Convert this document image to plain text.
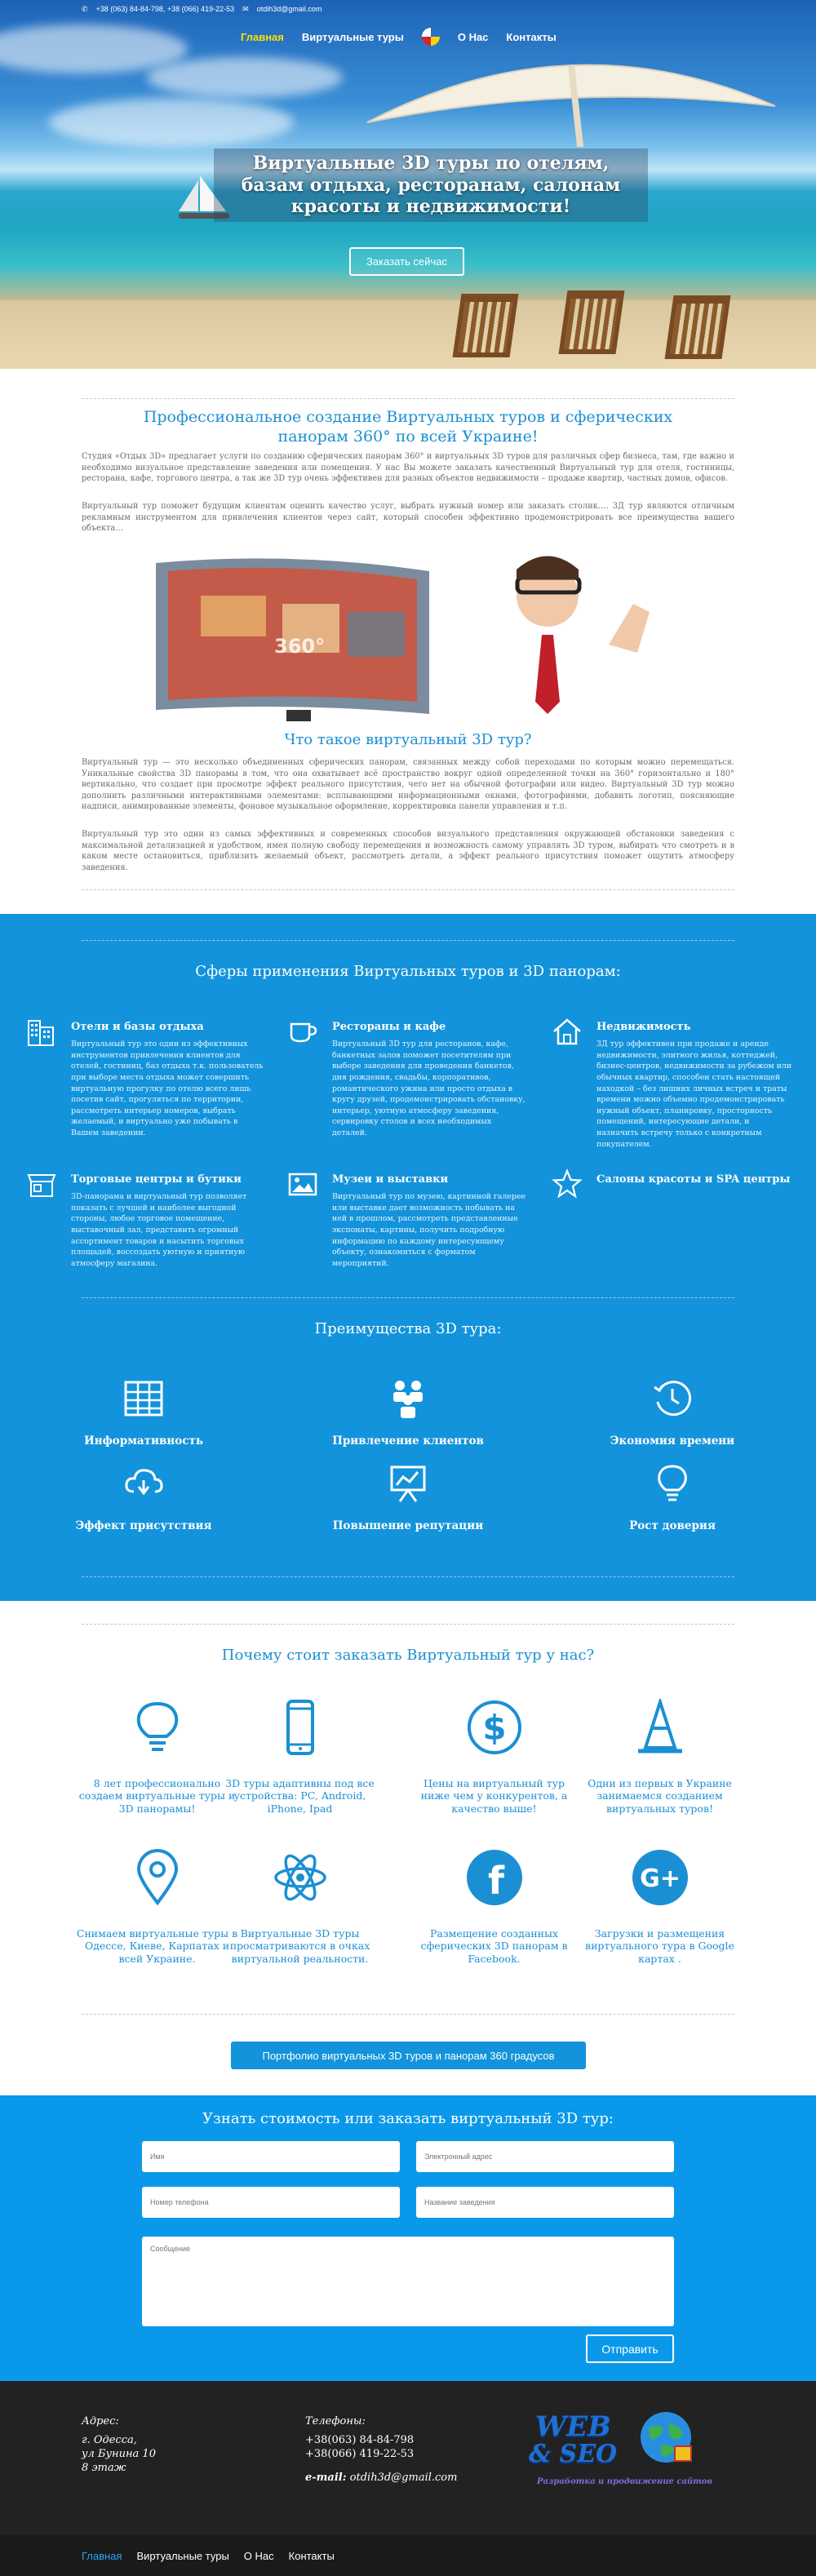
Виртуальные 3D туры по отелям, базам отдыха, ресторанам, салонам красоты и недвижимости!
Заказать сейчас
✆ +38 (063) 84-84-798, +38 (066) 419-22-53 ✉ otdih3d@gmail.com
Главная Виртуальные туры	О Нас Контакты
Профессиональное создание Виртуальных туров и сферических панорам 360° по всей Украине!

Студия «Отдых 3D» предлагает услуги по созданию сферических панорам 360° и виртуальных 3D туров для различных сфер бизнеса, там, где важно и необходимо визуальное представление заведения или помещения. У нас Вы можете заказать качественный Виртуальный тур для отеля, гостиницы, ресторана, кафе, торгового центра, а так же 3D тур очень эффективен для разных объектов недвижимости – продаже квартир, частных домов, офисов.

Виртуальный тур поможет будущим клиентам оценить качество услуг, выбрать нужный номер или заказать столик…. 3Д тур являются отличным рекламным инструментом для привлечения клиентов через сайт, который способен эффективно продемонстрировать все преимущества вашего объекта…

360°
Что такое виртуальный 3D тур?

Виртуальный тур — это несколько объединенных сферических панорам, связанных между собой переходами по которым можно перемещаться. Уникальные свойства 3D панорамы в том, что она охватывает всё пространство вокруг одной определенной точки на 360° горизонтально и 180° вертикально, что создает при просмотре эффект реального присутствия, чего нет на обычной фотографии или видео. Виртуальный 3D тур можно дополнить различными интерактивными элементами: всплывающими информационными окнами, фотографиями, добавить логотип, поясняющие надписи, анимированные элементы, фоновое музыкальное оформление, корректировка панели управления и т.п.

Виртуальный тур это один из самых эффективных и современных способов визуального представления окружающей обстановки заведения с максимальной детализацией и удобством, имея полную свободу перемещения и возможность самому управлять 3D туром, выбирать что смотреть и в каком месте остановиться, приблизить желаемый объект, рассмотреть детали, а эффект реального присутствия поможет ощутить атмосферу заведения.

Сферы применения Виртуальных туров и 3D панорам:
Отели и базы отдыха
Виртуальный тур это один из эффективных инструментов привлечения клиентов для отелей, гостиниц, баз отдыха т.к. пользователь при выборе места отдыха может совершить виртуальную прогулку по отелю всего лишь посетив сайт, прогуляться по территории, рассмотреть интерьер номеров, выбрать желаемый, и виртуально уже побывать в Вашем заведении.
Рестораны и кафе
Виртуальный 3D тур для ресторанов, кафе, банкетных залов поможет посетителям при выборе заведения для проведения банкетов, дня рождения, свадьбы, корпоративов, романтического ужина или просто отдыха в кругу друзей, продемонстрировать обстановку, интерьер, уютную атмосферу заведения, сервировку столов и всех необходимых деталей.
Недвижимость
3Д тур эффективен при продаже и аренде недвижимости, элитного жилья, коттеджей, бизнес-центров, недвижимости за рубежом или обычных квартир, способен стать настоящей находкой – без лишних личных встреч и траты времени можно объемно продемонстрировать нужный объект, планировку, просторность помещений, интересующие детали, и назначить встречу только с конкретным покупателем.
Торговые центры и бутики
3D-панорама и виртуальный тур позволяет показать с лучшей и наиболее выгодной стороны, любое торговое помещение, выставочный зал, представить огромный ассортимент товаров и насытить торговых площадей, воссоздать уютную и приятную атмосферу магазина.
Музеи и выставки
Виртуальный тур по музею, картинной галерее или выставке дает возможность побывать на ней в прошлом, рассмотреть представленные экспонаты, картины, получить подробную информацию по каждому интересующему объекту, ознакомиться с форматом мероприятий.
Салоны красоты и SPA центры
Преимущества 3D тура:
Информативность	Привлечение клиентов	Экономия времени
Эффект присутствия	Повышение репутации	Рост доверия
Почему стоит заказать Виртуальный тур у нас?
8 лет профессионально создаем виртуальные туры и 3D панорамы!
3D туры адаптивны под все устройства: PC, Android, iPhone, Ipad
$
Цены на виртуальный тур ниже чем у конкурентов, а качество выше!
Одни из первых в Украине занимаемся созданием виртуальных туров!
Снимаем виртуальные туры в Одессе, Киеве, Карпатах и всей Украине.
Виртуальные 3D туры просматриваются в очках виртуальной реальности.
f
Размещение созданных сферических 3D панорам в Facebook.
G+
Загрузки и размещения виртуального тура в Google картах .
Портфолио виртуальных 3D туров и панорам 360 градусов
Узнать стоимость или заказать виртуальный 3D тур:
Имя
Электронный адрес
Номер телефона
Название заведения
Сообщение
Отправить
Адрес:
г. Одесса,
ул Бунина 10
8 этаж
Телефоны:
+38(063) 84-84-798
+38(066) 419-22-53
e-mail: otdih3d@gmail.com
WEB
& SEO
Разработка и продвижение сайтов
Главная Виртуальные туры О Нас Контакты
